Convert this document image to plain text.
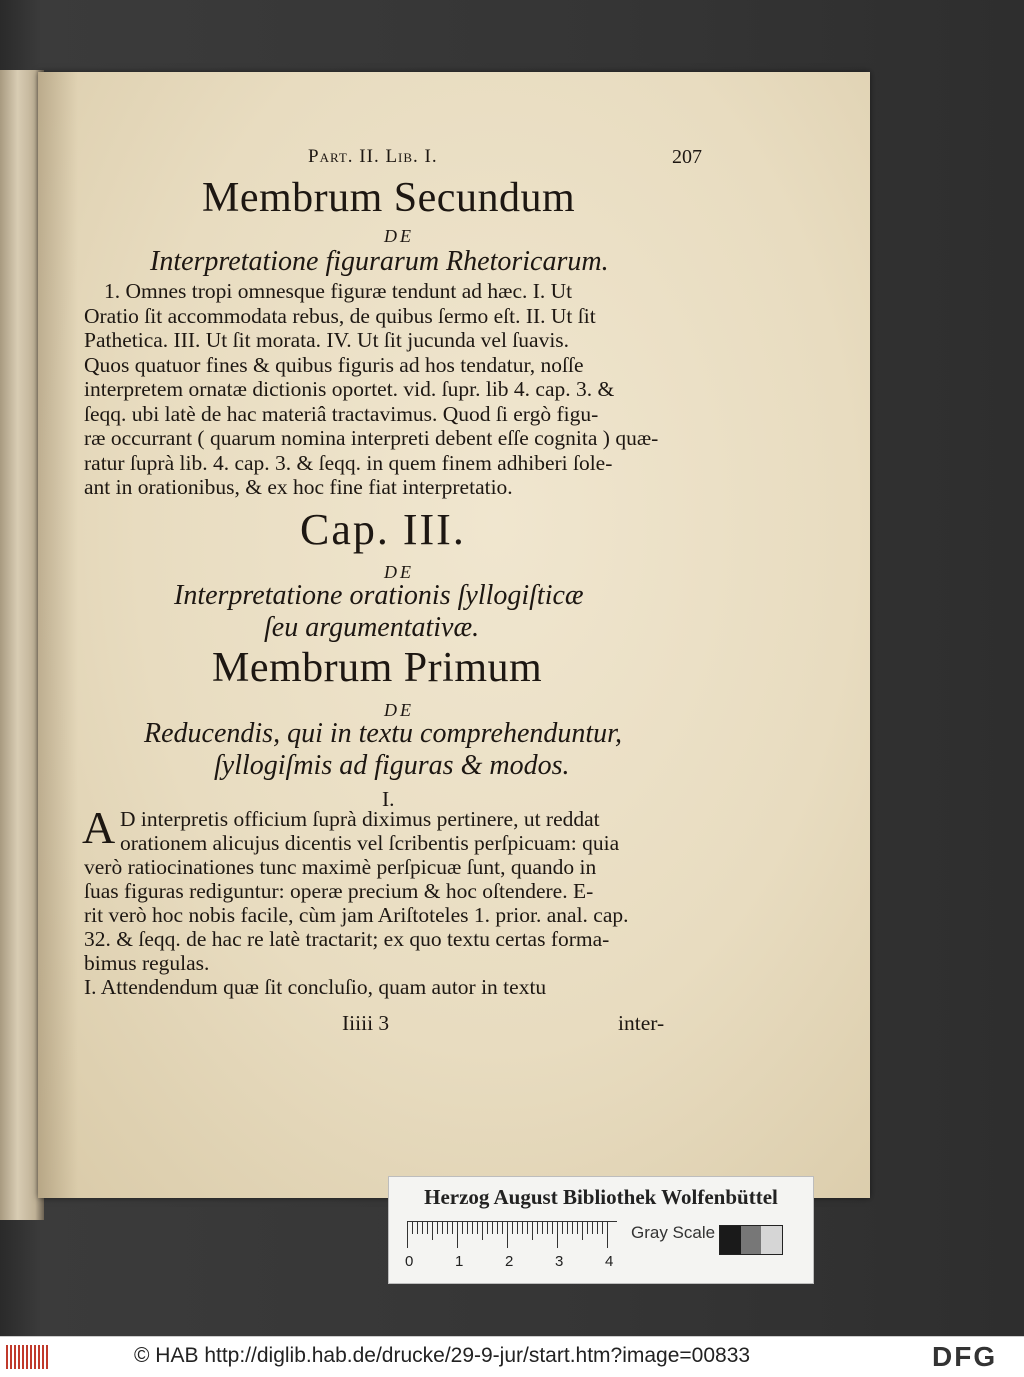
Part. II. Lib. I.	207
Membrum Secundum
DE
Interpretatione figurarum Rhetoricarum.
1. Omnes tropi omnesque figuræ tendunt ad hæc. I. Ut
Oratio ſit accommodata rebus, de quibus ſermo eſt. II. Ut ſit
Pathetica. III. Ut ſit morata. IV. Ut ſit jucunda vel ſuavis.
Quos quatuor fines & quibus figuris ad hos tendatur, noſſe
interpretem ornatæ dictionis oportet. vid. ſupr. lib 4. cap. 3. &
ſeqq. ubi latè de hac materiâ tractavimus. Quod ſi ergò figu-
ræ occurrant ( quarum nomina interpreti debent eſſe cognita ) quæ-
ratur ſuprà lib. 4. cap. 3. & ſeqq. in quem finem adhiberi ſole-
ant in orationibus, & ex hoc fine fiat interpretatio.
Cap. III.
DE
Interpretatione orationis ſyllogiſticæ
ſeu argumentativæ.
Membrum Primum
DE
Reducendis, qui in textu comprehenduntur,
ſyllogiſmis ad figuras & modos.
I.
A D interpretis officium ſuprà diximus pertinere, ut reddat
orationem alicujus dicentis vel ſcribentis perſpicuam: quia
verò ratiocinationes tunc maximè perſpicuæ ſunt, quando in
ſuas figuras rediguntur: operæ precium & hoc oſtendere. E-
rit verò hoc nobis facile, cùm jam Ariſtoteles 1. prior. anal. cap.
32. & ſeqq. de hac re latè tractarit; ex quo textu certas forma-
bimus regulas.
I. Attendendum quæ ſit concluſio, quam autor in textu
Iiiii 3	inter-
Herzog August Bibliothek Wolfenbüttel
Gray Scale
0	1	2	3	4
© HAB http://diglib.hab.de/drucke/29-9-jur/start.htm?image=00833	DFG
